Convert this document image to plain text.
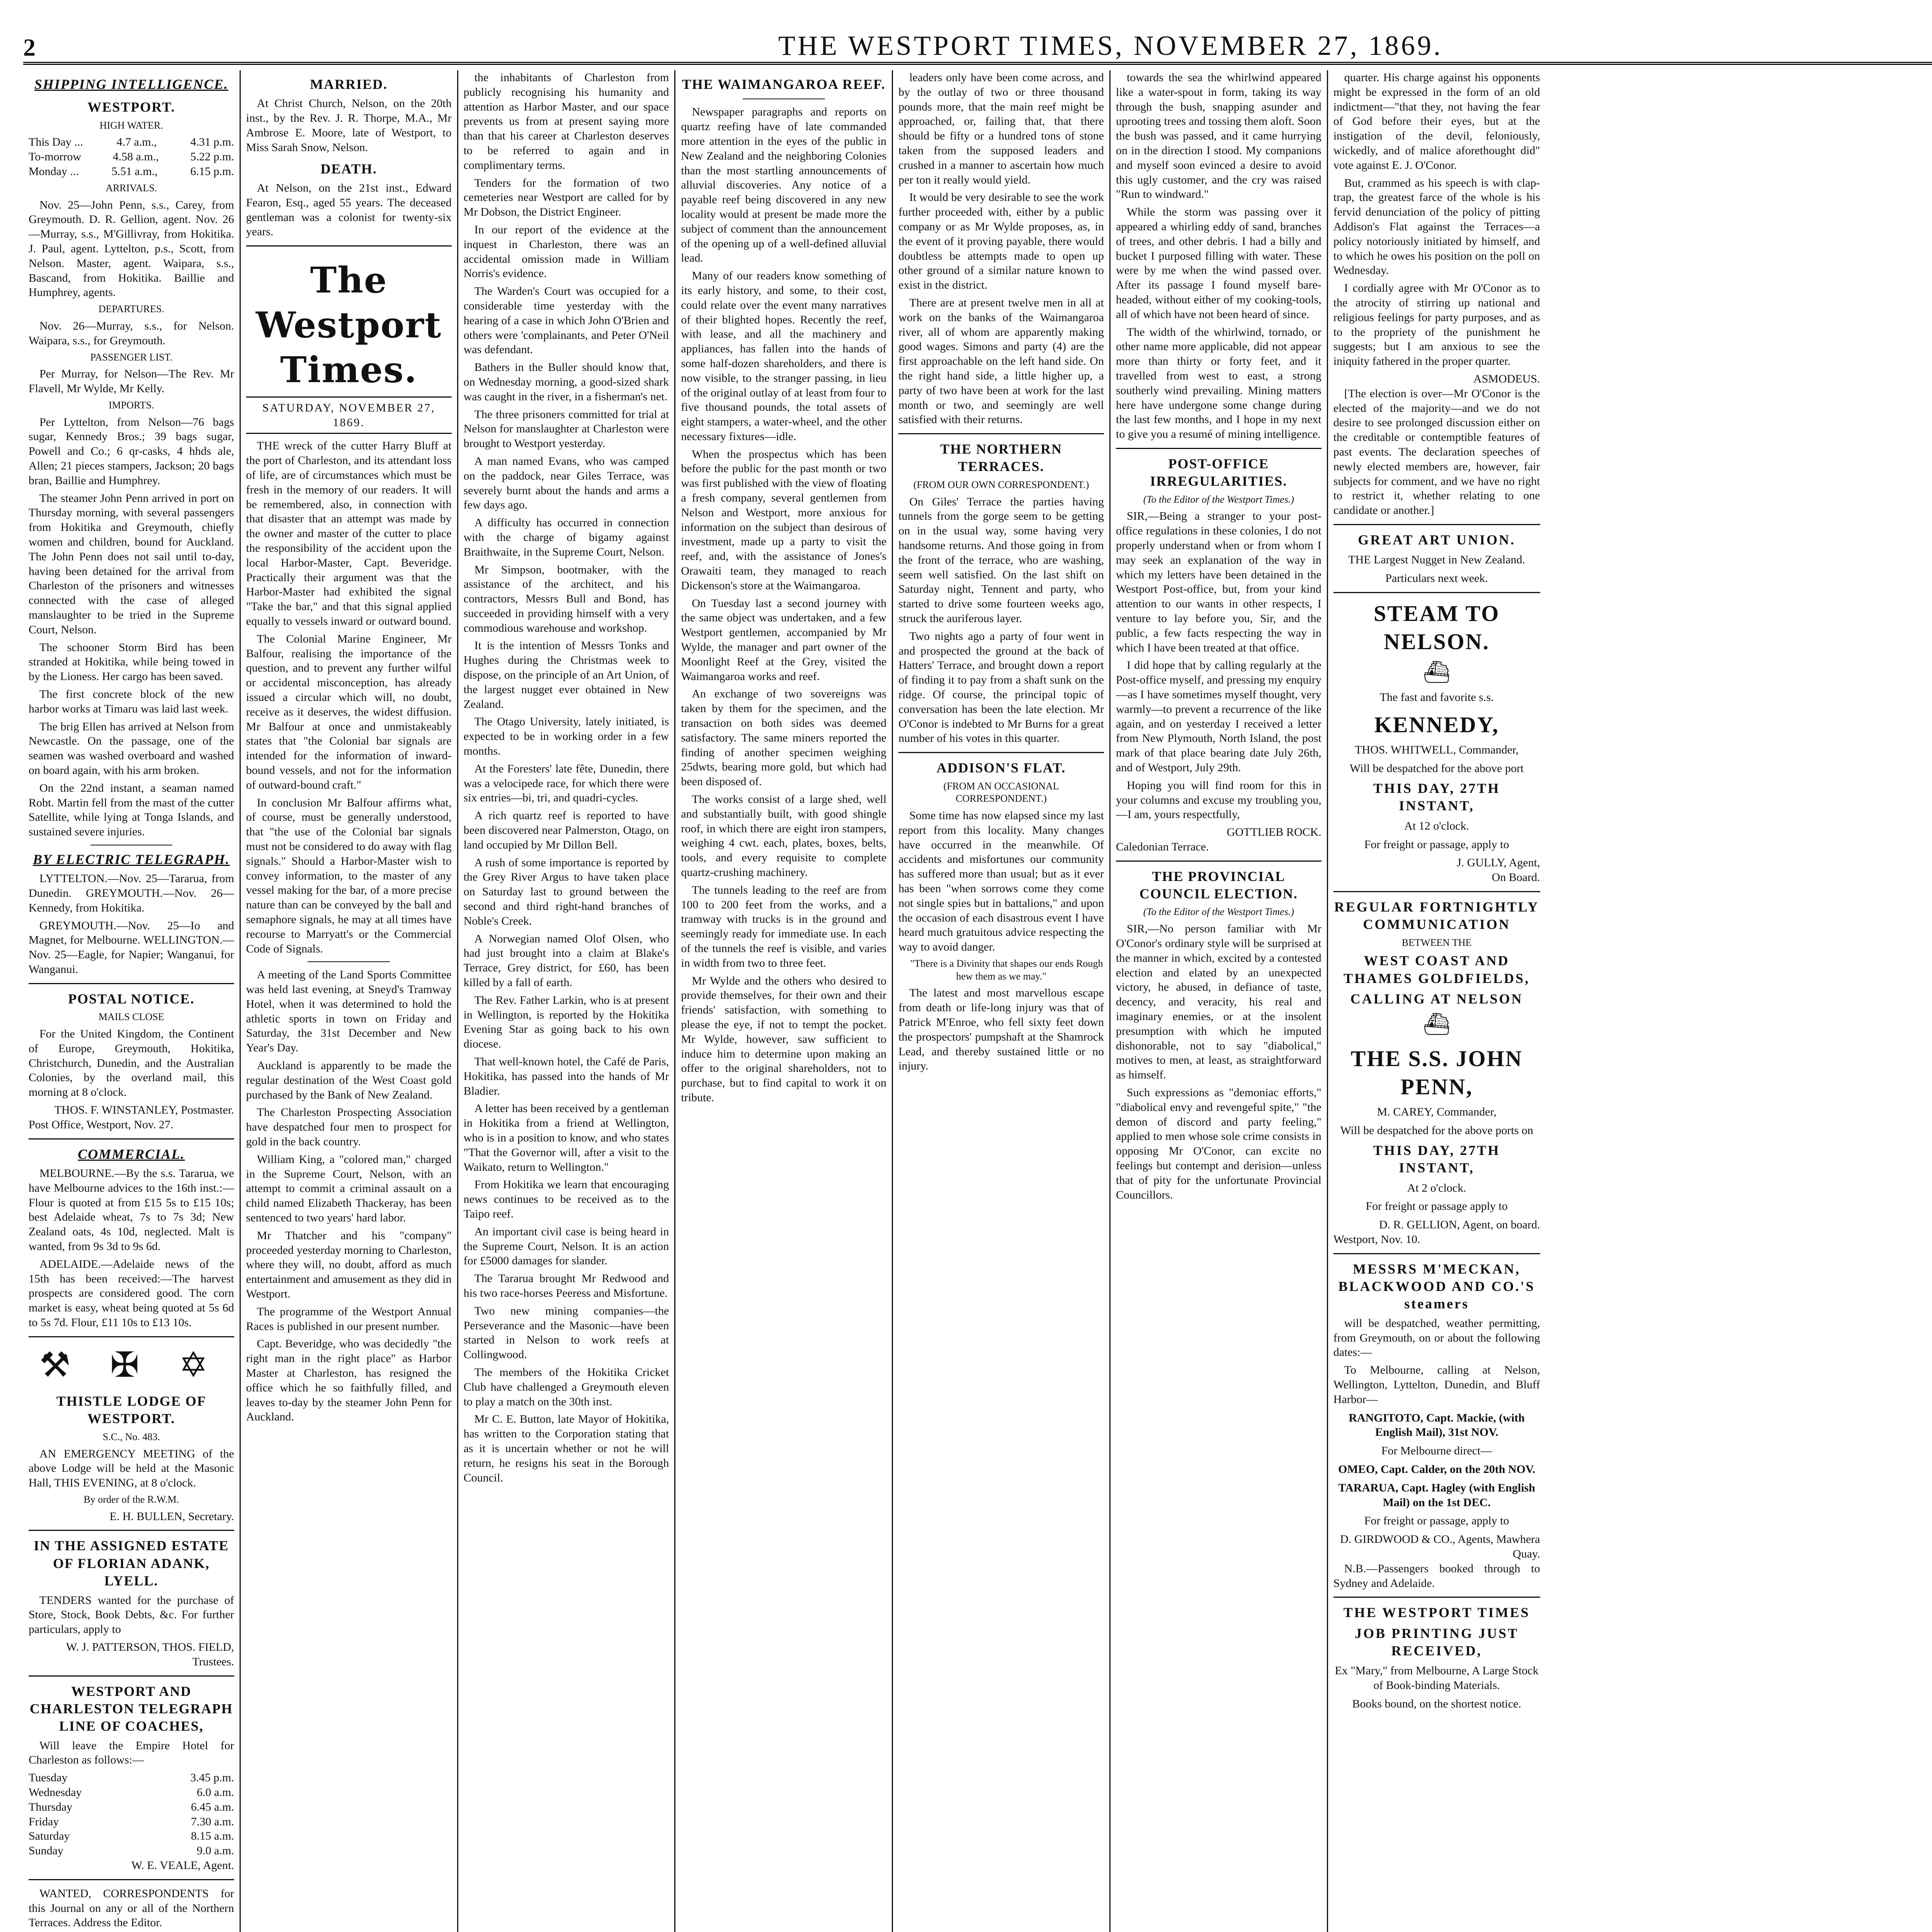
2	THE WESTPORT TIMES, NOVEMBER 27, 1869.
SHIPPING INTELLIGENCE.
WESTPORT.
HIGH WATER.
This Day ...	4.7 a.m.,	4.31 p.m.
To-morrow	4.58 a.m.,	5.22 p.m.
Monday ...	5.51 a.m.,	6.15 p.m.
ARRIVALS.

Nov. 25—John Penn, s.s., Carey, from Greymouth. D. R. Gellion, agent. Nov. 26—Murray, s.s., M'Gillivray, from Hokitika. J. Paul, agent. Lyttelton, p.s., Scott, from Nelson. Master, agent. Waipara, s.s., Bascand, from Hokitika. Baillie and Humphrey, agents.

DEPARTURES.

Nov. 26—Murray, s.s., for Nelson. Waipara, s.s., for Greymouth.

PASSENGER LIST.

Per Murray, for Nelson—The Rev. Mr Flavell, Mr Wylde, Mr Kelly.

IMPORTS.

Per Lyttelton, from Nelson—76 bags sugar, Kennedy Bros.; 39 bags sugar, Powell and Co.; 6 qr-casks, 4 hhds ale, Allen; 21 pieces stampers, Jackson; 20 bags bran, Baillie and Humphrey.

The steamer John Penn arrived in port on Thursday morning, with several passengers from Hokitika and Greymouth, chiefly women and children, bound for Auckland. The John Penn does not sail until to-day, having been detained for the arrival from Charleston of the prisoners and witnesses connected with the case of alleged manslaughter to be tried in the Supreme Court, Nelson.

The schooner Storm Bird has been stranded at Hokitika, while being towed in by the Lioness. Her cargo has been saved.

The first concrete block of the new harbor works at Timaru was laid last week.

The brig Ellen has arrived at Nelson from Newcastle. On the passage, one of the seamen was washed overboard and washed on board again, with his arm broken.

On the 22nd instant, a seaman named Robt. Martin fell from the mast of the cutter Satellite, while lying at Tonga Islands, and sustained severe injuries.

BY ELECTRIC TELEGRAPH.

LYTTELTON.—Nov. 25—Tararua, from Dunedin. GREYMOUTH.—Nov. 26—Kennedy, from Hokitika.

GREYMOUTH.—Nov. 25—Io and Magnet, for Melbourne. WELLINGTON.—Nov. 25—Eagle, for Napier; Wanganui, for Wanganui.

POSTAL NOTICE.
MAILS CLOSE

For the United Kingdom, the Continent of Europe, Greymouth, Hokitika, Christchurch, Dunedin, and the Australian Colonies, by the overland mail, this morning at 8 o'clock.

THOS. F. WINSTANLEY, Postmaster.
Post Office, Westport, Nov. 27.
COMMERCIAL.

MELBOURNE.—By the s.s. Tararua, we have Melbourne advices to the 16th inst.:—Flour is quoted at from £15 5s to £15 10s; best Adelaide wheat, 7s to 7s 3d; New Zealand oats, 4s 10d, neglected. Malt is wanted, from 9s 3d to 9s 6d.

ADELAIDE.—Adelaide news of the 15th has been received:—The harvest prospects are considered good. The corn market is easy, wheat being quoted at 5s 6d to 5s 7d. Flour, £11 10s to £13 10s.

⚒ ✠ ✡
THISTLE LODGE OF WESTPORT.
S.C., No. 483.

AN EMERGENCY MEETING of the above Lodge will be held at the Masonic Hall, THIS EVENING, at 8 o'clock.

By order of the R.W.M.
E. H. BULLEN, Secretary.
IN THE ASSIGNED ESTATE OF FLORIAN ADANK, LYELL.

TENDERS wanted for the purchase of Store, Stock, Book Debts, &c. For further particulars, apply to

W. J. PATTERSON, THOS. FIELD, Trustees.
WESTPORT AND CHARLESTON TELEGRAPH LINE OF COACHES,

Will leave the Empire Hotel for Charleston as follows:—

Tuesday	3.45 p.m.
Wednesday	6.0 a.m.
Thursday	6.45 a.m.
Friday	7.30 a.m.
Saturday	8.15 a.m.
Sunday	9.0 a.m.
W. E. VEALE, Agent.

WANTED, CORRESPONDENTS for this Journal on any or all of the Northern Terraces. Address the Editor.

MARRIED.

At Christ Church, Nelson, on the 20th inst., by the Rev. J. R. Thorpe, M.A., Mr Ambrose E. Moore, late of Westport, to Miss Sarah Snow, Nelson.

DEATH.

At Nelson, on the 21st inst., Edward Fearon, Esq., aged 55 years. The deceased gentleman was a colonist for twenty-six years.

The Westport Times.
SATURDAY, NOVEMBER 27, 1869.

THE wreck of the cutter Harry Bluff at the port of Charleston, and its attendant loss of life, are of circumstances which must be fresh in the memory of our readers. It will be remembered, also, in connection with that disaster that an attempt was made by the owner and master of the cutter to place the responsibility of the accident upon the local Harbor-Master, Capt. Beveridge. Practically their argument was that the Harbor-Master had exhibited the signal "Take the bar," and that this signal applied equally to vessels inward or outward bound.

The Colonial Marine Engineer, Mr Balfour, realising the importance of the question, and to prevent any further wilful or accidental misconception, has already issued a circular which will, no doubt, receive as it deserves, the widest diffusion. Mr Balfour at once and unmistakeably states that "the Colonial bar signals are intended for the information of inward-bound vessels, and not for the information of outward-bound craft."

In conclusion Mr Balfour affirms what, of course, must be generally understood, that "the use of the Colonial bar signals must not be considered to do away with flag signals." Should a Harbor-Master wish to convey information, to the master of any vessel making for the bar, of a more precise nature than can be conveyed by the ball and semaphore signals, he may at all times have recourse to Marryatt's or the Commercial Code of Signals.

A meeting of the Land Sports Committee was held last evening, at Sneyd's Tramway Hotel, when it was determined to hold the athletic sports in town on Friday and Saturday, the 31st December and New Year's Day.

Auckland is apparently to be made the regular destination of the West Coast gold purchased by the Bank of New Zealand.

The Charleston Prospecting Association have despatched four men to prospect for gold in the back country.

William King, a "colored man," charged in the Supreme Court, Nelson, with an attempt to commit a criminal assault on a child named Elizabeth Thackeray, has been sentenced to two years' hard labor.

Mr Thatcher and his "company" proceeded yesterday morning to Charleston, where they will, no doubt, afford as much entertainment and amusement as they did in Westport.

The programme of the Westport Annual Races is published in our present number.

Capt. Beveridge, who was decidedly "the right man in the right place" as Harbor Master at Charleston, has resigned the office which he so faithfully filled, and leaves to-day by the steamer John Penn for Auckland.

the inhabitants of Charleston from publicly recognising his humanity and attention as Harbor Master, and our space prevents us from at present saying more than that his career at Charleston deserves to be referred to again and in complimentary terms.

Tenders for the formation of two cemeteries near Westport are called for by Mr Dobson, the District Engineer.

In our report of the evidence at the inquest in Charleston, there was an accidental omission made in William Norris's evidence.

The Warden's Court was occupied for a considerable time yesterday with the hearing of a case in which John O'Brien and others were 'complainants, and Peter O'Neil was defendant.

Bathers in the Buller should know that, on Wednesday morning, a good-sized shark was caught in the river, in a fisherman's net.

The three prisoners committed for trial at Nelson for manslaughter at Charleston were brought to Westport yesterday.

A man named Evans, who was camped on the paddock, near Giles Terrace, was severely burnt about the hands and arms a few days ago.

A difficulty has occurred in connection with the charge of bigamy against Braithwaite, in the Supreme Court, Nelson.

Mr Simpson, bootmaker, with the assistance of the architect, and his contractors, Messrs Bull and Bond, has succeeded in providing himself with a very commodious warehouse and workshop.

It is the intention of Messrs Tonks and Hughes during the Christmas week to dispose, on the principle of an Art Union, of the largest nugget ever obtained in New Zealand.

The Otago University, lately initiated, is expected to be in working order in a few months.

At the Foresters' late fête, Dunedin, there was a velocipede race, for which there were six entries—bi, tri, and quadri-cycles.

A rich quartz reef is reported to have been discovered near Palmerston, Otago, on land occupied by Mr Dillon Bell.

A rush of some importance is reported by the Grey River Argus to have taken place on Saturday last to ground between the second and third right-hand branches of Noble's Creek.

A Norwegian named Olof Olsen, who had just brought into a claim at Blake's Terrace, Grey district, for £60, has been killed by a fall of earth.

The Rev. Father Larkin, who is at present in Wellington, is reported by the Hokitika Evening Star as going back to his own diocese.

That well-known hotel, the Café de Paris, Hokitika, has passed into the hands of Mr Bladier.

A letter has been received by a gentleman in Hokitika from a friend at Wellington, who is in a position to know, and who states "That the Governor will, after a visit to the Waikato, return to Wellington."

From Hokitika we learn that encouraging news continues to be received as to the Taipo reef.

An important civil case is being heard in the Supreme Court, Nelson. It is an action for £5000 damages for slander.

The Tararua brought Mr Redwood and his two race-horses Peeress and Misfortune.

Two new mining companies—the Perseverance and the Masonic—have been started in Nelson to work reefs at Collingwood.

The members of the Hokitika Cricket Club have challenged a Greymouth eleven to play a match on the 30th inst.

Mr C. E. Button, late Mayor of Hokitika, has written to the Corporation stating that as it is uncertain whether or not he will return, he resigns his seat in the Borough Council.

THE WAIMANGAROA REEF.

Newspaper paragraphs and reports on quartz reefing have of late commanded more attention in the eyes of the public in New Zealand and the neighboring Colonies than the most startling announcements of alluvial discoveries. Any notice of a payable reef being discovered in any new locality would at present be made more the subject of comment than the announcement of the opening up of a well-defined alluvial lead.

Many of our readers know something of its early history, and some, to their cost, could relate over the event many narratives of their blighted hopes. Recently the reef, with lease, and all the machinery and appliances, has fallen into the hands of some half-dozen shareholders, and there is now visible, to the stranger passing, in lieu of the original outlay of at least from four to five thousand pounds, the total assets of eight stampers, a water-wheel, and the other necessary fixtures—idle.

When the prospectus which has been before the public for the past month or two was first published with the view of floating a fresh company, several gentlemen from Nelson and Westport, more anxious for information on the subject than desirous of investment, made up a party to visit the reef, and, with the assistance of Jones's Orawaiti team, they managed to reach Dickenson's store at the Waimangaroa.

On Tuesday last a second journey with the same object was undertaken, and a few Westport gentlemen, accompanied by Mr Wylde, the manager and part owner of the Moonlight Reef at the Grey, visited the Waimangaroa works and reef.

An exchange of two sovereigns was taken by them for the specimen, and the transaction on both sides was deemed satisfactory. The same miners reported the finding of another specimen weighing 25dwts, bearing more gold, but which had been disposed of.

The works consist of a large shed, well and substantially built, with good shingle roof, in which there are eight iron stampers, weighing 4 cwt. each, plates, boxes, belts, tools, and every requisite to complete quartz-crushing machinery.

The tunnels leading to the reef are from 100 to 200 feet from the works, and a tramway with trucks is in the ground and seemingly ready for immediate use. In each of the tunnels the reef is visible, and varies in width from two to three feet.

Mr Wylde and the others who desired to provide themselves, for their own and their friends' satisfaction, with something to please the eye, if not to tempt the pocket. Mr Wylde, however, saw sufficient to induce him to determine upon making an offer to the original shareholders, not to purchase, but to find capital to work it on tribute.

leaders only have been come across, and by the outlay of two or three thousand pounds more, that the main reef might be approached, or, failing that, that there should be fifty or a hundred tons of stone taken from the supposed leaders and crushed in a manner to ascertain how much per ton it really would yield.

It would be very desirable to see the work further proceeded with, either by a public company or as Mr Wylde proposes, as, in the event of it proving payable, there would doubtless be attempts made to open up other ground of a similar nature known to exist in the district.

There are at present twelve men in all at work on the banks of the Waimangaroa river, all of whom are apparently making good wages. Simons and party (4) are the first approachable on the left hand side. On the right hand side, a little higher up, a party of two have been at work for the last month or two, and seemingly are well satisfied with their returns.

THE NORTHERN TERRACES.
(FROM OUR OWN CORRESPONDENT.)

On Giles' Terrace the parties having tunnels from the gorge seem to be getting on in the usual way, some having very handsome returns. And those going in from the front of the terrace, who are washing, seem well satisfied. On the last shift on Saturday night, Tennent and party, who started to drive some fourteen weeks ago, struck the auriferous layer.

Two nights ago a party of four went in and prospected the ground at the back of Hatters' Terrace, and brought down a report of finding it to pay from a shaft sunk on the ridge. Of course, the principal topic of conversation has been the late election. Mr O'Conor is indebted to Mr Burns for a great number of his votes in this quarter.

ADDISON'S FLAT.
(FROM AN OCCASIONAL CORRESPONDENT.)

Some time has now elapsed since my last report from this locality. Many changes have occurred in the meanwhile. Of accidents and misfortunes our community has suffered more than usual; but as it ever has been "when sorrows come they come not single spies but in battalions," and upon the occasion of each disastrous event I have heard much gratuitous advice respecting the way to avoid danger.

"There is a Divinity that shapes our ends Rough hew them as we may."

The latest and most marvellous escape from death or life-long injury was that of Patrick M'Enroe, who fell sixty feet down the prospectors' pumpshaft at the Shamrock Lead, and thereby sustained little or no injury.

towards the sea the whirlwind appeared like a water-spout in form, taking its way through the bush, snapping asunder and uprooting trees and tossing them aloft. Soon the bush was passed, and it came hurrying on in the direction I stood. My companions and myself soon evinced a desire to avoid this ugly customer, and the cry was raised "Run to windward."

While the storm was passing over it appeared a whirling eddy of sand, branches of trees, and other debris. I had a billy and bucket I purposed filling with water. These were by me when the wind passed over. After its passage I found myself bare-headed, without either of my cooking-tools, all of which have not been heard of since.

The width of the whirlwind, tornado, or other name more applicable, did not appear more than thirty or forty feet, and it travelled from west to east, a strong southerly wind prevailing. Mining matters here have undergone some change during the last few months, and I hope in my next to give you a resumé of mining intelligence.

POST-OFFICE IRREGULARITIES.
(To the Editor of the Westport Times.)

SIR,—Being a stranger to your post-office regulations in these colonies, I do not properly understand when or from whom I may seek an explanation of the way in which my letters have been detained in the Westport Post-office, but, from your kind attention to our wants in other respects, I venture to lay before you, Sir, and the public, a few facts respecting the way in which I have been treated at that office.

I did hope that by calling regularly at the Post-office myself, and pressing my enquiry—as I have sometimes myself thought, very warmly—to prevent a recurrence of the like again, and on yesterday I received a letter from New Plymouth, North Island, the post mark of that place bearing date July 26th, and of Westport, July 29th.

Hoping you will find room for this in your columns and excuse my troubling you,—I am, yours respectfully,

GOTTLIEB ROCK.
Caledonian Terrace.
THE PROVINCIAL COUNCIL ELECTION.
(To the Editor of the Westport Times.)

SIR,—No person familiar with Mr O'Conor's ordinary style will be surprised at the manner in which, excited by a contested election and elated by an unexpected victory, he abused, in defiance of taste, decency, and veracity, his real and imaginary enemies, or at the insolent presumption with which he imputed dishonorable, not to say "diabolical," motives to men, at least, as straightforward as himself.

Such expressions as "demoniac efforts," "diabolical envy and revengeful spite," "the demon of discord and party feeling," applied to men whose sole crime consists in opposing Mr O'Conor, can excite no feelings but contempt and derision—unless that of pity for the unfortunate Provincial Councillors.

quarter. His charge against his opponents might be expressed in the form of an old indictment—"that they, not having the fear of God before their eyes, but at the instigation of the devil, feloniously, wickedly, and of malice aforethought did" vote against E. J. O'Conor.

But, crammed as his speech is with clap-trap, the greatest farce of the whole is his fervid denunciation of the policy of pitting Addison's Flat against the Terraces—a policy notoriously initiated by himself, and to which he owes his position on the poll on Wednesday.

I cordially agree with Mr O'Conor as to the atrocity of stirring up national and religious feelings for party purposes, and as to the propriety of the punishment he suggests; but I am anxious to see the iniquity fathered in the proper quarter.

ASMODEUS.

[The election is over—Mr O'Conor is the elected of the majority—and we do not desire to see prolonged discussion either on the creditable or contemptible features of past events. The declaration speeches of newly elected members are, however, fair subjects for comment, and we have no right to restrict it, whether relating to one candidate or another.]

GREAT ART UNION.
THE Largest Nugget in New Zealand.
Particulars next week.
STEAM TO NELSON.
⛴
The fast and favorite s.s.
KENNEDY,
THOS. WHITWELL, Commander,
Will be despatched for the above port
THIS DAY, 27TH INSTANT,
At 12 o'clock.
For freight or passage, apply to
J. GULLY, Agent,
On Board.
REGULAR FORTNIGHTLY COMMUNICATION
BETWEEN THE
WEST COAST AND THAMES GOLDFIELDS,
CALLING AT NELSON
⛴
THE S.S. JOHN PENN,
M. CAREY, Commander,
Will be despatched for the above ports on
THIS DAY, 27TH INSTANT,
At 2 o'clock.
For freight or passage apply to
D. R. GELLION, Agent, on board.
Westport, Nov. 10.
MESSRS M'MECKAN, BLACKWOOD AND CO.'S steamers

will be despatched, weather permitting, from Greymouth, on or about the following dates:—

To Melbourne, calling at Nelson, Wellington, Lyttelton, Dunedin, and Bluff Harbor—

RANGITOTO, Capt. Mackie, (with English Mail), 31st NOV.
For Melbourne direct—
OMEO, Capt. Calder, on the 20th NOV.
TARARUA, Capt. Hagley (with English Mail) on the 1st DEC.
For freight or passage, apply to
D. GIRDWOOD & CO., Agents, Mawhera Quay.

N.B.—Passengers booked through to Sydney and Adelaide.

THE WESTPORT TIMES
JOB PRINTING JUST RECEIVED,
Ex "Mary," from Melbourne, A Large Stock of Book-binding Materials.
Books bound, on the shortest notice.
